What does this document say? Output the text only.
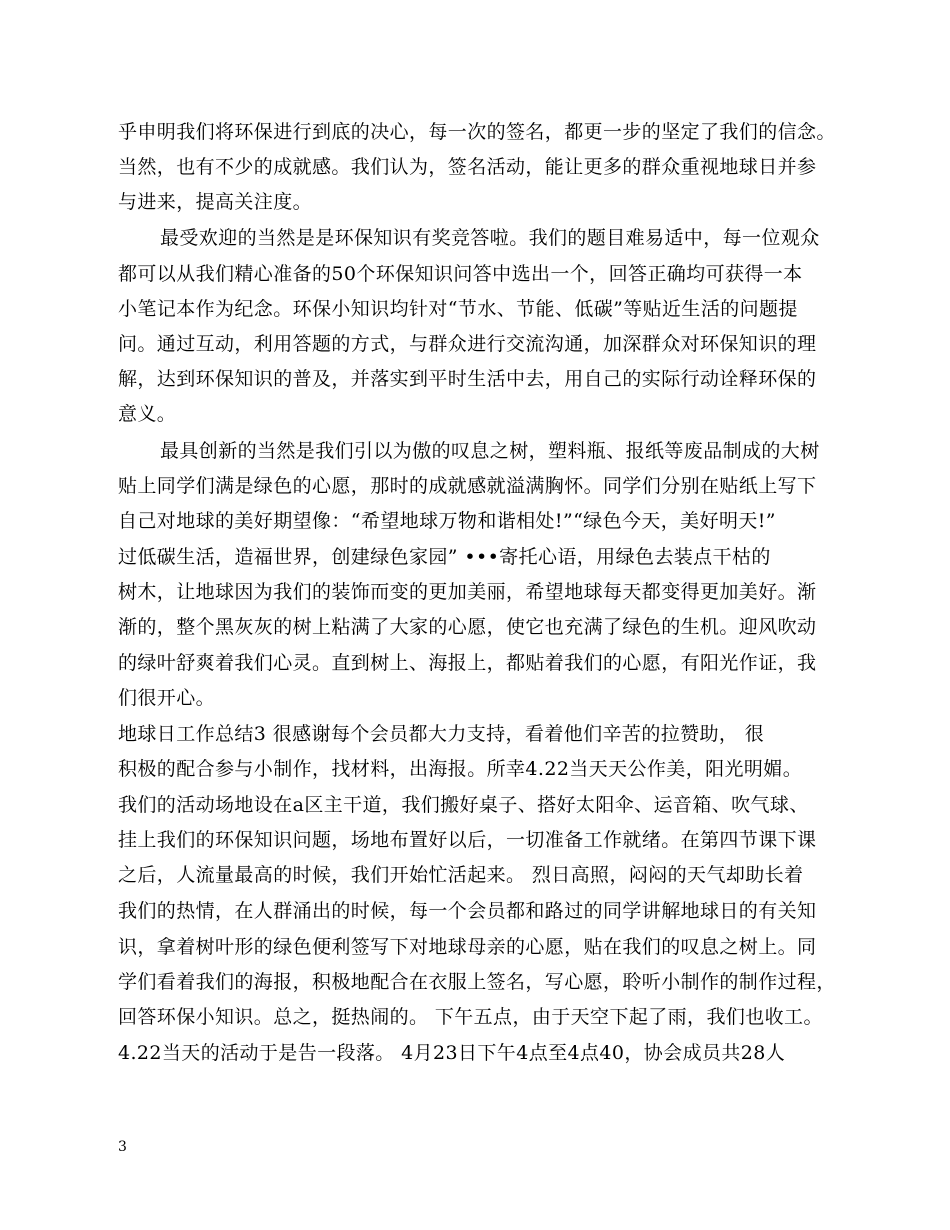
乎申明我们将环保进行到底的决心，每一次的签名，都更一步的坚定了我们的信念。
当然，也有不少的成就感。我们认为，签名活动，能让更多的群众重视地球日并参
与进来，提高关注度。
最受欢迎的当然是是环保知识有奖竞答啦。我们的题目难易适中，每一位观众
都可以从我们精心准备的50个环保知识问答中选出一个，回答正确均可获得一本
小笔记本作为纪念。环保小知识均针对“节水、节能、低碳”等贴近生活的问题提
问。通过互动，利用答题的方式，与群众进行交流沟通，加深群众对环保知识的理
解，达到环保知识的普及，并落实到平时生活中去，用自己的实际行动诠释环保的
意义。
最具创新的当然是我们引以为傲的叹息之树，塑料瓶、报纸等废品制成的大树
贴上同学们满是绿色的心愿，那时的成就感就溢满胸怀。同学们分别在贴纸上写下
自己对地球的美好期望像：“希望地球万物和谐相处!”“绿色今天，美好明天!”
过低碳生活，造福世界，创建绿色家园” •••寄托心语，用绿色去装点干枯的
树木，让地球因为我们的装饰而变的更加美丽，希望地球每天都变得更加美好。渐
渐的，整个黑灰灰的树上粘满了大家的心愿，使它也充满了绿色的生机。迎风吹动
的绿叶舒爽着我们心灵。直到树上、海报上，都贴着我们的心愿，有阳光作证，我
们很开心。
地球日工作总结3 很感谢每个会员都大力支持，看着他们辛苦的拉赞助， 很
积极的配合参与小制作，找材料，出海报。所幸4.22当天天公作美，阳光明媚。
我们的活动场地设在a区主干道，我们搬好桌子、搭好太阳伞、运音箱、吹气球、
挂上我们的环保知识问题，场地布置好以后，一切准备工作就绪。在第四节课下课
之后，人流量最高的时候，我们开始忙活起来。 烈日高照，闷闷的天气却助长着
我们的热情，在人群涌出的时候，每一个会员都和路过的同学讲解地球日的有关知
识，拿着树叶形的绿色便利签写下对地球母亲的心愿，贴在我们的叹息之树上。同
学们看着我们的海报，积极地配合在衣服上签名，写心愿，聆听小制作的制作过程，
回答环保小知识。总之，挺热闹的。 下午五点，由于天空下起了雨，我们也收工。
4.22当天的活动于是告一段落。 4月23日下午4点至4点40，协会成员共28人
3
